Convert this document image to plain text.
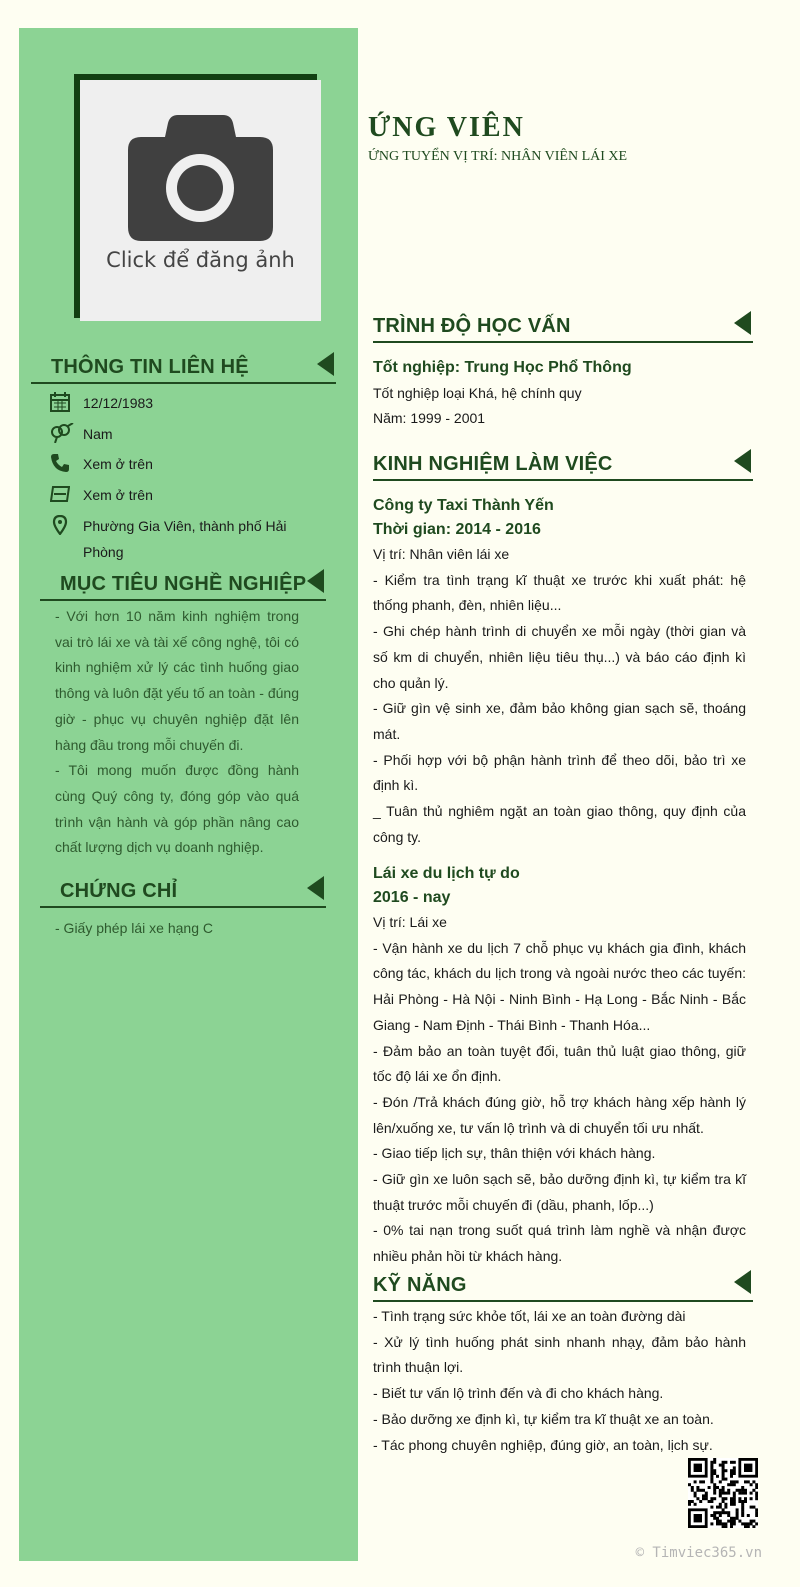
Click để đăng ảnh
THÔNG TIN LIÊN HỆ
12/12/1983
Nam
Xem ở trên
Xem ở trên
Phường Gia Viên, thành phố Hải Phòng
MỤC TIÊU NGHỀ NGHIỆP
- Với hơn 10 năm kinh nghiệm trong vai trò lái xe và tài xế công nghệ, tôi có kinh nghiệm xử lý các tình huống giao thông và luôn đặt yếu tố an toàn - đúng giờ - phục vụ chuyên nghiệp đặt lên hàng đầu trong mỗi chuyến đi.
- Tôi mong muốn được đồng hành cùng Quý công ty, đóng góp vào quá trình vận hành và góp phần nâng cao chất lượng dịch vụ doanh nghiệp.
CHỨNG CHỈ
- Giấy phép lái xe hạng C
ỨNG VIÊN
ỨNG TUYỂN VỊ TRÍ: NHÂN VIÊN LÁI XE
TRÌNH ĐỘ HỌC VẤN
Tốt nghiệp: Trung Học Phổ Thông
Tốt nghiệp loại Khá, hệ chính quy
Năm: 1999 - 2001
KINH NGHIỆM LÀM VIỆC
Công ty Taxi Thành Yến
Thời gian: 2014 - 2016
Vị trí: Nhân viên lái xe
- Kiểm tra tình trạng kĩ thuật xe trước khi xuất phát: hệ thống phanh, đèn, nhiên liệu...
- Ghi chép hành trình di chuyển xe mỗi ngày (thời gian và số km di chuyển, nhiên liệu tiêu thụ...) và báo cáo định kì cho quản lý.
- Giữ gìn vệ sinh xe, đảm bảo không gian sạch sẽ, thoáng mát.
- Phối hợp với bộ phận hành trình để theo dõi, bảo trì xe định kì.
_ Tuân thủ nghiêm ngặt an toàn giao thông, quy định của công ty.
Lái xe du lịch tự do
2016 - nay
Vị trí: Lái xe
- Vận hành xe du lịch 7 chỗ phục vụ khách gia đình, khách công tác, khách du lịch trong và ngoài nước theo các tuyến: Hải Phòng - Hà Nội - Ninh Bình - Hạ Long - Bắc Ninh - Bắc Giang - Nam Định - Thái Bình - Thanh Hóa...
- Đảm bảo an toàn tuyệt đối, tuân thủ luật giao thông, giữ tốc độ lái xe ổn định.
- Đón /Trả khách đúng giờ, hỗ trợ khách hàng xếp hành lý lên/xuống xe, tư vấn lộ trình và di chuyển tối ưu nhất.
- Giao tiếp lịch sự, thân thiện với khách hàng.
- Giữ gìn xe luôn sạch sẽ, bảo dưỡng định kì, tự kiểm tra kĩ thuật trước mỗi chuyến đi (dầu, phanh, lốp...)
- 0% tai nạn trong suốt quá trình làm nghề và nhận được nhiều phản hồi từ khách hàng.
KỸ NĂNG
- Tình trạng sức khỏe tốt, lái xe an toàn đường dài
- Xử lý tình huống phát sinh nhanh nhạy, đảm bảo hành trình thuận lợi.
- Biết tư vấn lộ trình đến và đi cho khách hàng.
- Bảo dưỡng xe định kì, tự kiểm tra kĩ thuật xe an toàn.
- Tác phong chuyên nghiệp, đúng giờ, an toàn, lịch sự.
© Timviec365.vn
